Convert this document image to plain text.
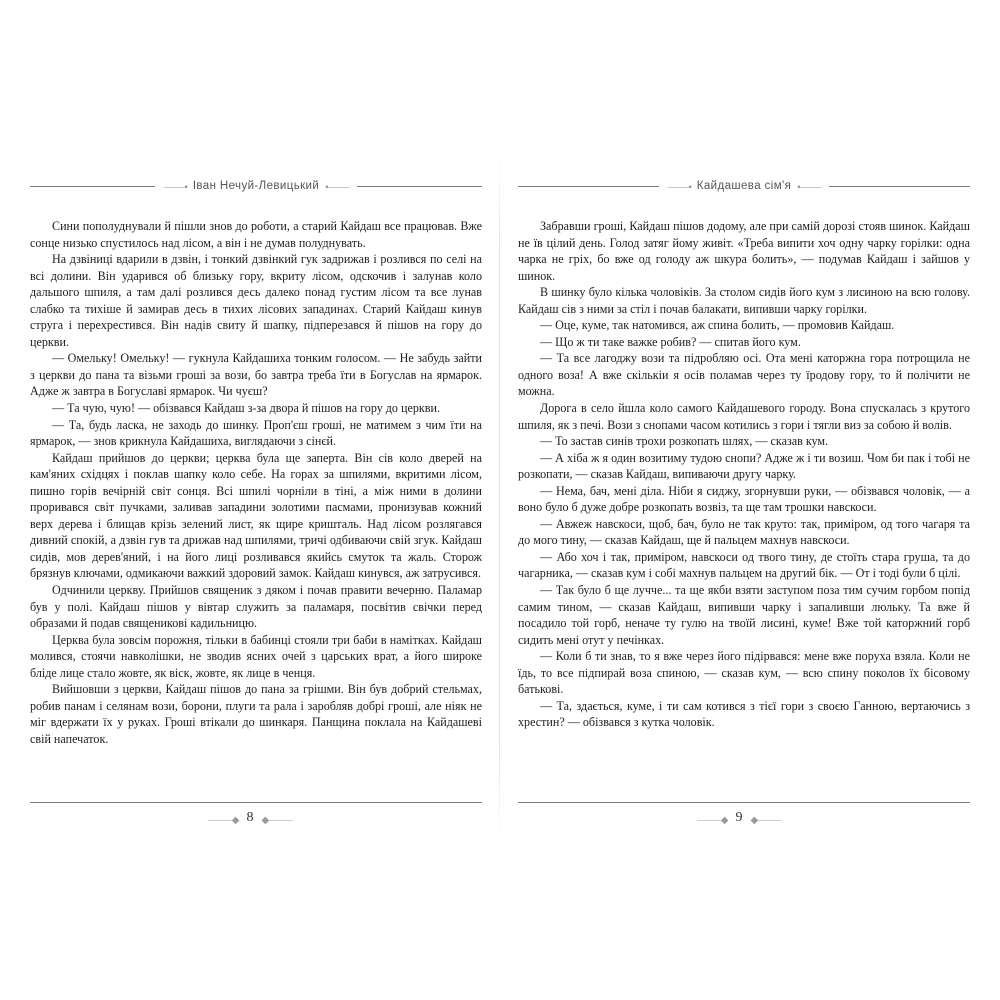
⸻• Іван Нечуй-Левицький •⸻

Сини пополуднували й пішли знов до роботи, а старий Кайдаш все працював. Вже сонце низько спустилось над лісом, а він і не думав полуднувать.

На дзвіниці вдарили в дзвін, і тонкий дзвінкий гук задрижав і розлився по селі на всі долини. Він ударився об близьку гору, вкриту лісом, одскочив і залунав коло дальшого шпиля, а там далі розлився десь далеко понад густим лісом та все лунав слабко та тихіше й замирав десь в тихих лісових западинах. Старий Кайдаш кинув струга і перехрестився. Він надів свиту й шапку, підперезався й пішов на гору до церкви.

— Омельку! Омельку! — гукнула Кайдашиха тонким голосом. — Не забудь зайти з церкви до пана та візьми гроші за вози, бо завтра треба їти в Богуслав на ярмарок. Адже ж завтра в Богуславі ярмарок. Чи чуєш?

— Та чую, чую! — обізвався Кайдаш з-за двора й пішов на гору до церкви.

— Та, будь ласка, не заходь до шинку. Проп'єш гроші, не матимем з чим їти на ярмарок, — знов крикнула Кайдашиха, виглядаючи з сінєй.

Кайдаш прийшов до церкви; церква була ще заперта. Він сів коло дверей на кам'яних східцях і поклав шапку коло себе. На горах за шпилями, вкритими лісом, пишно горів вечірній світ сонця. Всі шпилі чорніли в тіні, а між ними в долини проривався світ пучками, заливав западини золотими пасмами, пронизував кожний верх дерева і блищав крізь зелений лист, як щире кришталь. Над лісом розлягався дивний спокій, а дзвін гув та дрижав над шпилями, тричі одбиваючи свій згук. Кайдаш сидів, мов дерев'яний, і на його лиці розливався якийсь смуток та жаль. Сторож брязнув ключами, одмикаючи важкий здоровий замок. Кайдаш кинувся, аж затрусився.

Одчинили церкву. Прийшов священик з дяком і почав правити вечерню. Паламар був у полі. Кайдаш пішов у вівтар служить за паламаря, посвітив свічки перед образами й подав священикові кадильницю.

Церква була зовсім порожня, тільки в бабинці стояли три баби в намітках. Кайдаш молився, стоячи навколішки, не зводив ясних очей з царських врат, а його широке бліде лице стало жовте, як віск, жовте, як лице в ченця.

Вийшовши з церкви, Кайдаш пішов до пана за грішми. Він був добрий стельмах, робив панам і селянам вози, борони, плуги та рала і заробляв добрі гроші, але ніяк не міг вдержати їх у руках. Гроші втікали до шинкаря. Панщина поклала на Кайдашеві свій напечаток.

⸻◆ 8 ◆⸻
⸻• Кайдашева сім'я •⸻

Забравши гроші, Кайдаш пішов додому, але при самій дорозі стояв шинок. Кайдаш не їв цілий день. Голод затяг йому живіт. «Треба випити хоч одну чарку горілки: одна чарка не гріх, бо вже од голоду аж шкура болить», — подумав Кайдаш і зайшов у шинок.

В шинку було кілька чоловіків. За столом сидів його кум з лисиною на всю голову. Кайдаш сів з ними за стіл і почав балакати, випивши чарку горілки.

— Оце, куме, так натомився, аж спина болить, — промовив Кайдаш.

— Що ж ти таке важке робив? — спитав його кум.

— Та все лагоджу вози та підробляю осі. Ота мені каторжна гора потрощила не одного воза! А вже скількіи я осів поламав через ту ïродову гору, то й полічити не можна.

Дорога в село йшла коло самого Кайдашевого городу. Вона спускалась з крутого шпиля, як з печі. Вози з снопами часом котились з гори і тягли виз за собою й волів.

— То застав синів трохи розкопать шлях, — сказав кум.

— А хіба ж я один возитиму тудою снопи? Адже ж і ти возиш. Чом би пак і тобі не розкопати, — сказав Кайдаш, випиваючи другу чарку.

— Нема, бач, мені діла. Ніби я сиджу, згорнувши руки, — обізвався чоловік, — а воно було б дуже добре розкопать возвіз, та ще там трошки навскоси.

— Авжеж навскоси, щоб, бач, було не так круто: так, приміром, од того чагаря та до мого тину, — сказав Кайдаш, ще й пальцем махнув навскоси.

— Або хоч і так, приміром, навскоси од твого тину, де стоїть стара груша, та до чагарника, — сказав кум і собі махнув пальцем на другий бік. — От і тоді були б цілі.

— Так було б ще лучче... та ще якби взяти заступом поза тим сучим горбом попід самим тином, — сказав Кайдаш, випивши чарку і запаливши люльку. Та вже й посадило той горб, неначе ту гулю на твоїй лисині, куме! Вже той каторжний горб сидить мені отут у печінках.

— Коли б ти знав, то я вже через його підірвався: мене вже поруха взяла. Коли не їдь, то все підпирай воза спиною, — сказав кум, — всю спину поколов їх бісовому батькові.

— Та, здається, куме, і ти сам котився з тієї гори з своєю Ганною, вертаючись з хрестин? — обізвався з кутка чоловік.

⸻◆ 9 ◆⸻
